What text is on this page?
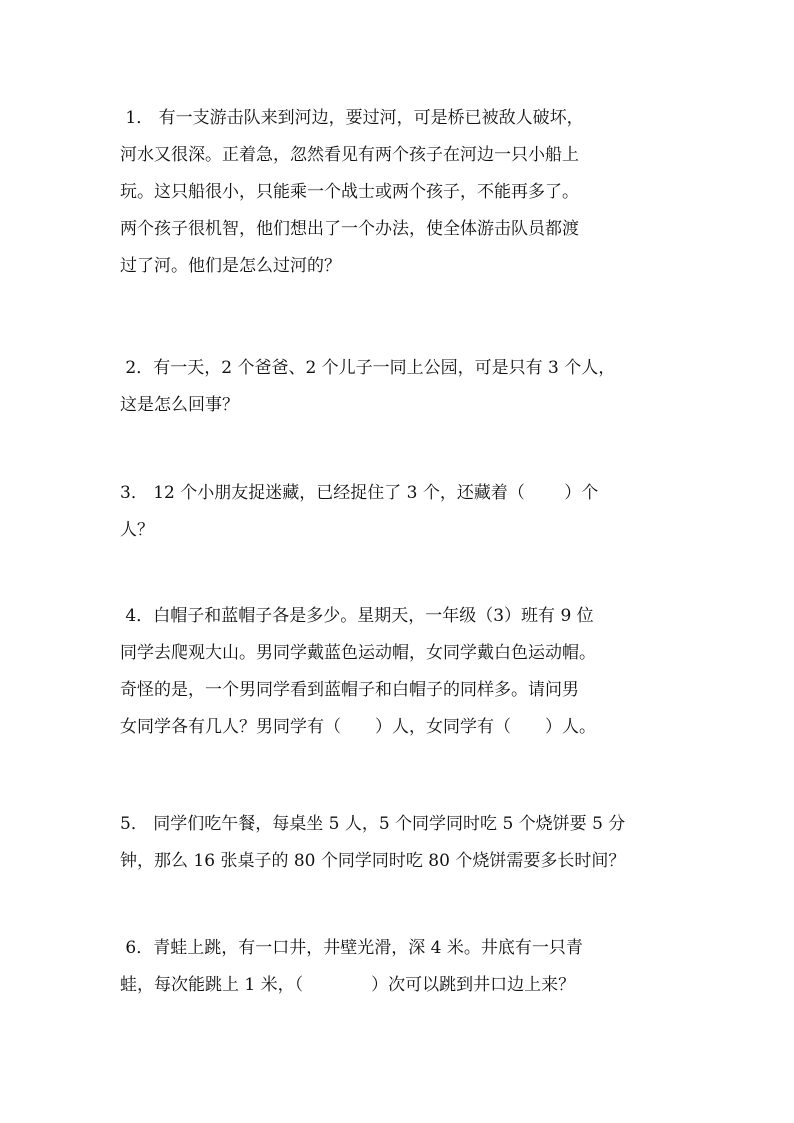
1． 有一支游击队来到河边，要过河，可是桥已被敌人破坏，
河水又很深。正着急，忽然看见有两个孩子在河边一只小船上
玩。这只船很小，只能乘一个战士或两个孩子，不能再多了。
两个孩子很机智，他们想出了一个办法，使全体游击队员都渡
过了河。他们是怎么过河的？
2．有一天，2 个爸爸、2 个儿子一同上公园，可是只有 3 个人，
这是怎么回事？
3． 12 个小朋友捉迷藏，已经捉住了 3 个，还藏着（　　 ）个
人？
4．白帽子和蓝帽子各是多少。星期天，一年级（3）班有 9 位
同学去爬观大山。男同学戴蓝色运动帽，女同学戴白色运动帽。
奇怪的是，一个男同学看到蓝帽子和白帽子的同样多。请问男
女同学各有几人？男同学有（　　）人，女同学有（　　）人。
5． 同学们吃午餐，每桌坐 5 人，5 个同学同时吃 5 个烧饼要 5 分
钟，那么 16 张桌子的 80 个同学同时吃 80 个烧饼需要多长时间？
6．青蛙上跳，有一口井，井壁光滑，深 4 米。井底有一只青
蛙，每次能跳上 1 米，（　　　　）次可以跳到井口边上来？
